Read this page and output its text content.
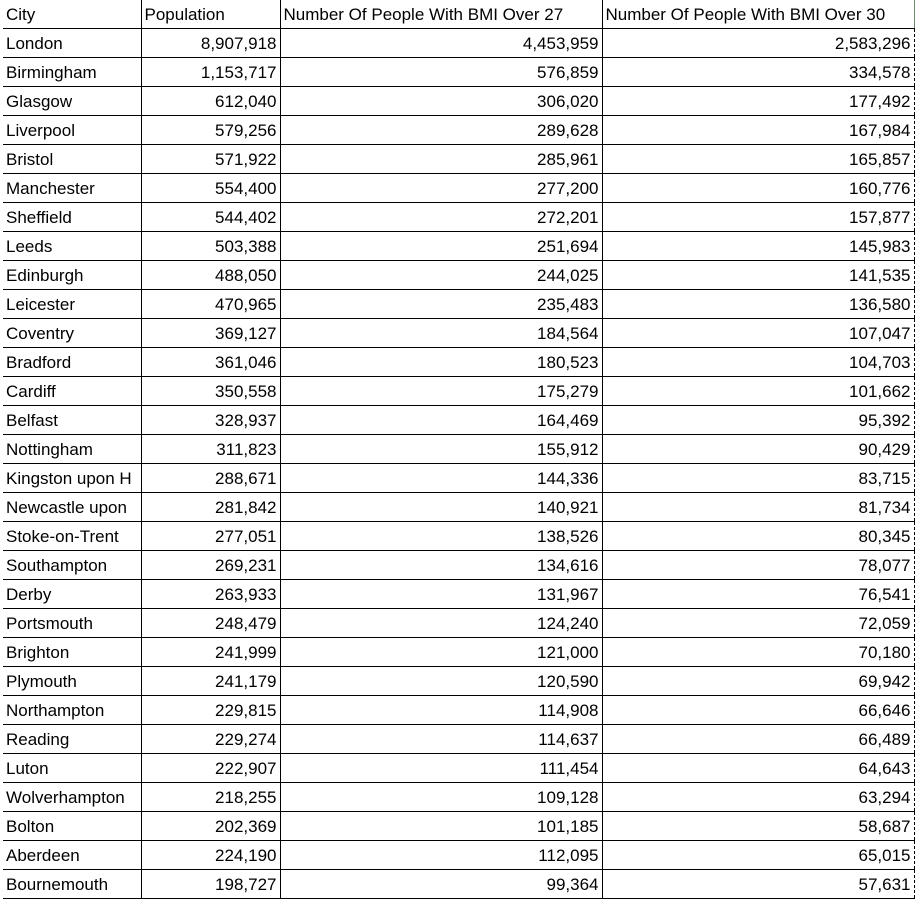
City	Population	Number Of People With BMI Over 27	Number Of People With BMI Over 30
London	8,907,918	4,453,959	2,583,296
Birmingham	1,153,717	576,859	334,578
Glasgow	612,040	306,020	177,492
Liverpool	579,256	289,628	167,984
Bristol	571,922	285,961	165,857
Manchester	554,400	277,200	160,776
Sheffield	544,402	272,201	157,877
Leeds	503,388	251,694	145,983
Edinburgh	488,050	244,025	141,535
Leicester	470,965	235,483	136,580
Coventry	369,127	184,564	107,047
Bradford	361,046	180,523	104,703
Cardiff	350,558	175,279	101,662
Belfast	328,937	164,469	95,392
Nottingham	311,823	155,912	90,429
Kingston upon H	288,671	144,336	83,715
Newcastle upon	281,842	140,921	81,734
Stoke-on-Trent	277,051	138,526	80,345
Southampton	269,231	134,616	78,077
Derby	263,933	131,967	76,541
Portsmouth	248,479	124,240	72,059
Brighton	241,999	121,000	70,180
Plymouth	241,179	120,590	69,942
Northampton	229,815	114,908	66,646
Reading	229,274	114,637	66,489
Luton	222,907	111,454	64,643
Wolverhampton	218,255	109,128	63,294
Bolton	202,369	101,185	58,687
Aberdeen	224,190	112,095	65,015
Bournemouth	198,727	99,364	57,631
